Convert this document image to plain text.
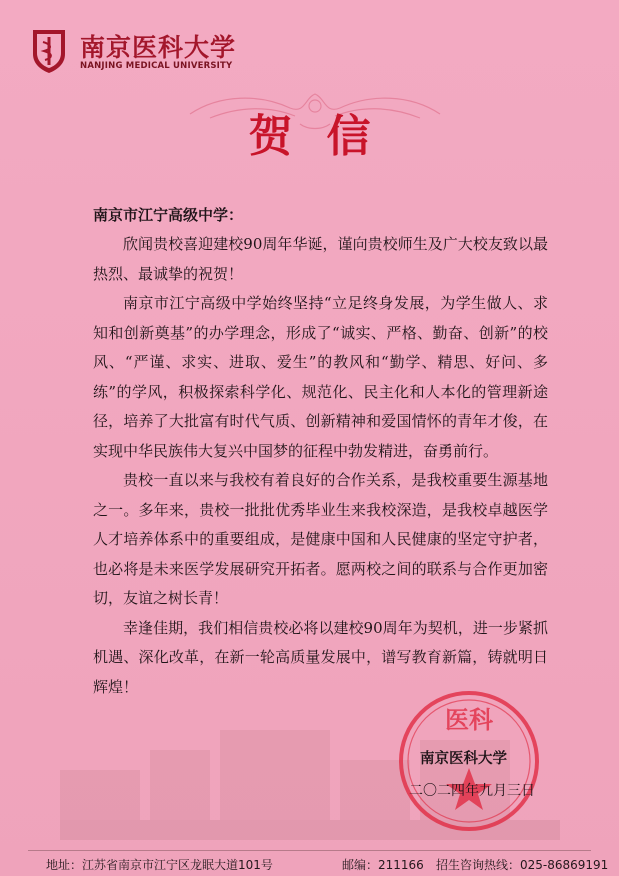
南京医科大学
NANJING MEDICAL UNIVERSITY
贺信

南京市江宁高级中学：

欣闻贵校喜迎建校90周年华诞，谨向贵校师生及广大校友致以最热烈、最诚挚的祝贺！

南京市江宁高级中学始终坚持“立足终身发展，为学生做人、求知和创新奠基”的办学理念，形成了“诚实、严格、勤奋、创新”的校风、“严谨、求实、进取、爱生”的教风和“勤学、精思、好问、多练”的学风，积极探索科学化、规范化、民主化和人本化的管理新途径，培养了大批富有时代气质、创新精神和爱国情怀的青年才俊，在实现中华民族伟大复兴中国梦的征程中勃发精进，奋勇前行。

贵校一直以来与我校有着良好的合作关系，是我校重要生源基地之一。多年来，贵校一批批优秀毕业生来我校深造，是我校卓越医学人才培养体系中的重要组成，是健康中国和人民健康的坚定守护者，也必将是未来医学发展研究开拓者。愿两校之间的联系与合作更加密切，友谊之树长青！

幸逢佳期，我们相信贵校必将以建校90周年为契机，进一步紧抓机遇、深化改革，在新一轮高质量发展中，谱写教育新篇，铸就明日辉煌！

医科
南京医科大学
二〇二四年九月三日
地址：江苏省南京市江宁区龙眠大道101号	邮编：211166 招生咨询热线：025-86869191
